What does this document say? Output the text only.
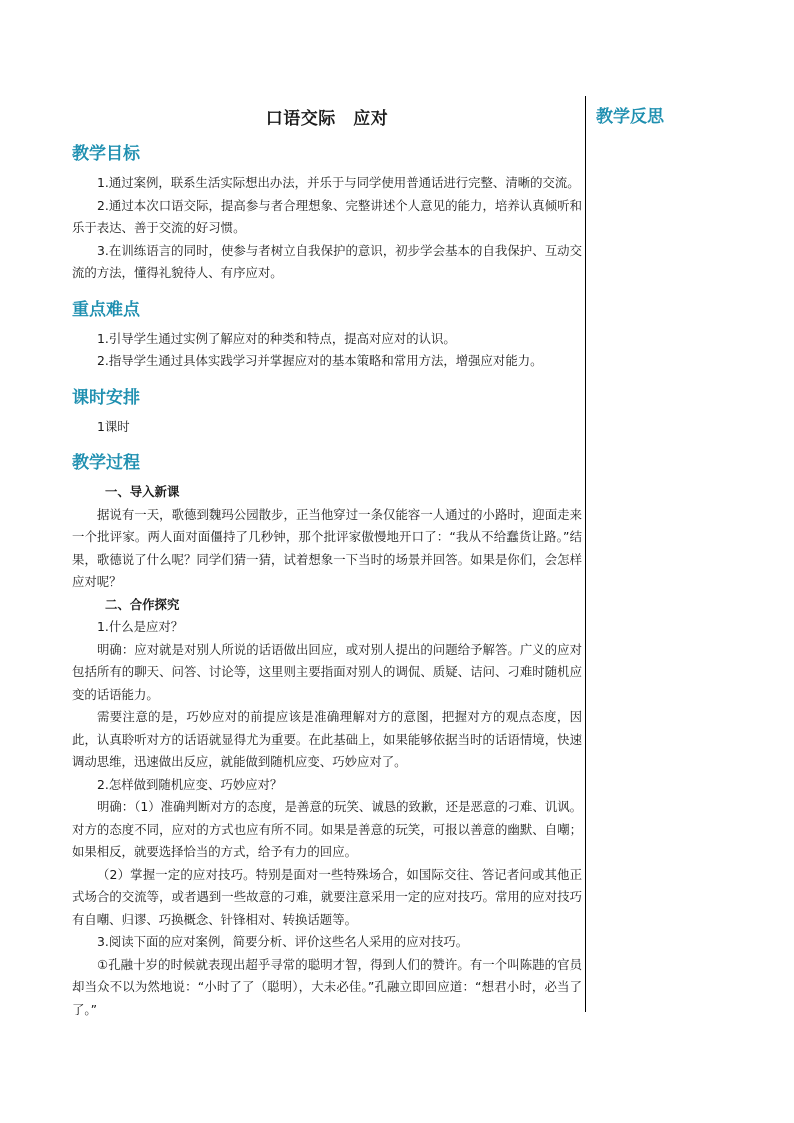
口语交际　应对
教学目标

1.通过案例，联系生活实际想出办法，并乐于与同学使用普通话进行完整、清晰的交流。

2.通过本次口语交际，提高参与者合理想象、完整讲述个人意见的能力，培养认真倾听和乐于表达、善于交流的好习惯。

3.在训练语言的同时，使参与者树立自我保护的意识，初步学会基本的自我保护、互动交流的方法，懂得礼貌待人、有序应对。

重点难点

1.引导学生通过实例了解应对的种类和特点，提高对应对的认识。

2.指导学生通过具体实践学习并掌握应对的基本策略和常用方法，增强应对能力。

课时安排

1课时

教学过程
一、导入新课

据说有一天，歌德到魏玛公园散步，正当他穿过一条仅能容一人通过的小路时，迎面走来一个批评家。两人面对面僵持了几秒钟，那个批评家傲慢地开口了：“我从不给蠢货让路。”结果，歌德说了什么呢？同学们猜一猜，试着想象一下当时的场景并回答。如果是你们，会怎样应对呢？

二、合作探究

1.什么是应对？

明确：应对就是对别人所说的话语做出回应，或对别人提出的问题给予解答。广义的应对包括所有的聊天、问答、讨论等，这里则主要指面对别人的调侃、质疑、诘问、刁难时随机应变的话语能力。

需要注意的是，巧妙应对的前提应该是准确理解对方的意图，把握对方的观点态度，因此，认真聆听对方的话语就显得尤为重要。在此基础上，如果能够依据当时的话语情境，快速调动思维，迅速做出反应，就能做到随机应变、巧妙应对了。

2.怎样做到随机应变、巧妙应对？

明确：（1）准确判断对方的态度，是善意的玩笑、诚恳的致歉，还是恶意的刁难、讥讽。对方的态度不同，应对的方式也应有所不同。如果是善意的玩笑，可报以善意的幽默、自嘲；如果相反，就要选择恰当的方式，给予有力的回应。

（2）掌握一定的应对技巧。特别是面对一些特殊场合，如国际交往、答记者问或其他正式场合的交流等，或者遇到一些故意的刁难，就要注意采用一定的应对技巧。常用的应对技巧有自嘲、归谬、巧换概念、针锋相对、转换话题等。

3.阅读下面的应对案例，简要分析、评价这些名人采用的应对技巧。

①孔融十岁的时候就表现出超乎寻常的聪明才智，得到人们的赞许。有一个叫陈韪的官员却当众不以为然地说：“小时了了（聪明），大未必佳。”孔融立即回应道：“想君小时，必当了了。”

教学反思
